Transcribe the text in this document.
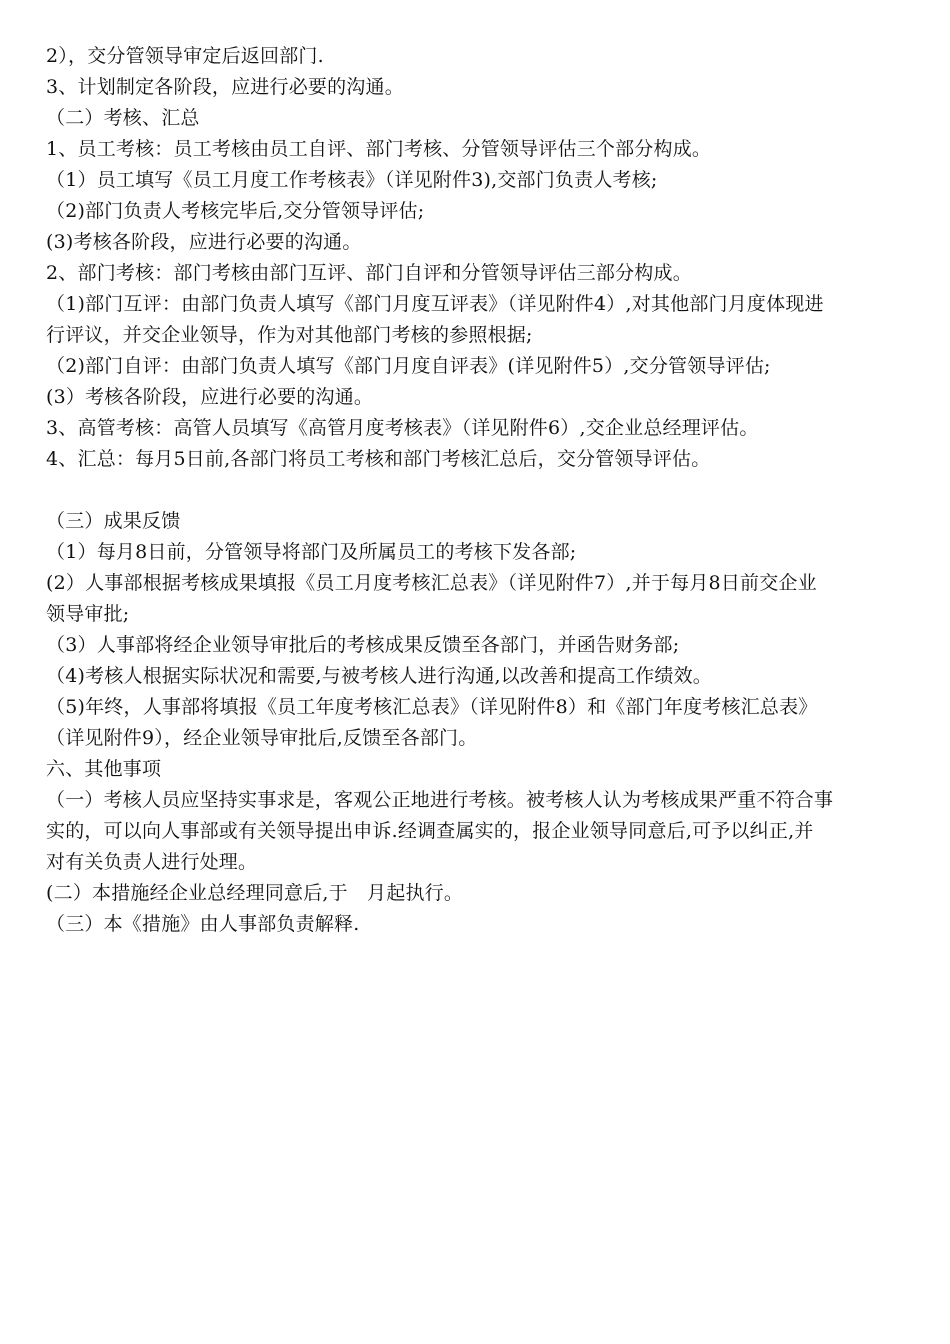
2），交分管领导审定后返回部门.
3、计划制定各阶段，应进行必要的沟通。
（二）考核、汇总
1、员工考核：员工考核由员工自评、部门考核、分管领导评估三个部分构成。
（1）员工填写《员工月度工作考核表》（详见附件3),交部门负责人考核;
（2)部门负责人考核完毕后,交分管领导评估;
(3)考核各阶段，应进行必要的沟通。
2、部门考核：部门考核由部门互评、部门自评和分管领导评估三部分构成。
（1)部门互评：由部门负责人填写《部门月度互评表》（详见附件4）,对其他部门月度体现进
行评议，并交企业领导，作为对其他部门考核的参照根据;
（2)部门自评：由部门负责人填写《部门月度自评表》(详见附件5）,交分管领导评估;
(3）考核各阶段，应进行必要的沟通。
3、高管考核：高管人员填写《高管月度考核表》（详见附件6）,交企业总经理评估。
4、汇总：每月5日前,各部门将员工考核和部门考核汇总后，交分管领导评估。
（三）成果反馈
（1）每月8日前，分管领导将部门及所属员工的考核下发各部;
(2）人事部根据考核成果填报《员工月度考核汇总表》（详见附件7）,并于每月8日前交企业
领导审批;
（3）人事部将经企业领导审批后的考核成果反馈至各部门，并函告财务部;
（4)考核人根据实际状况和需要,与被考核人进行沟通,以改善和提高工作绩效。
（5)年终，人事部将填报《员工年度考核汇总表》（详见附件8）和《部门年度考核汇总表》
（详见附件9），经企业领导审批后,反馈至各部门。
六、其他事项
（一）考核人员应坚持实事求是，客观公正地进行考核。被考核人认为考核成果严重不符合事
实的，可以向人事部或有关领导提出申诉.经调查属实的，报企业领导同意后,可予以纠正,并
对有关负责人进行处理。
(二）本措施经企业总经理同意后,于　月起执行。
（三）本《措施》由人事部负责解释.
